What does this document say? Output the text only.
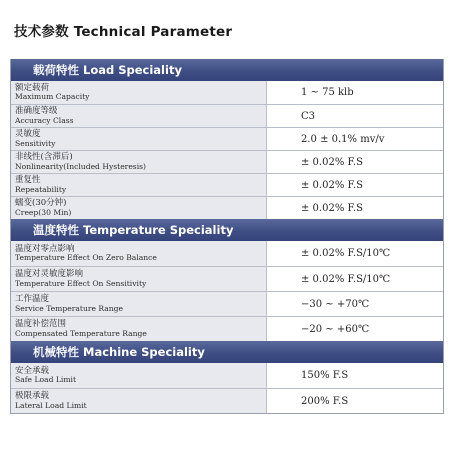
技术参数 Technical Parameter
载荷特性 Load Speciality
额定载荷
Maximum Capacity	1 ~ 75 klb
准确度等级
Accuracy Class	C3
灵敏度
Sensitivity	2.0 ± 0.1% mv/v
非线性(含滞后)
Nonlinearity(Included Hysteresis)	± 0.02% F.S
重复性
Repeatability	± 0.02% F.S
蠕变(30分钟)
Creep(30 Min)	± 0.02% F.S
温度特性 Temperature Speciality
温度对零点影响
Temperature Effect On Zero Balance	± 0.02% F.S/10℃
温度对灵敏度影响
Temperature Effect On Sensitivity	± 0.02% F.S/10℃
工作温度
Service Temperature Range	−30 ~ +70℃
温度补偿范围
Compensated Temperature Range	−20 ~ +60℃
机械特性 Machine Speciality
安全承载
Safe Load Limit	150% F.S
极限承载
Lateral Load Limit	200% F.S
